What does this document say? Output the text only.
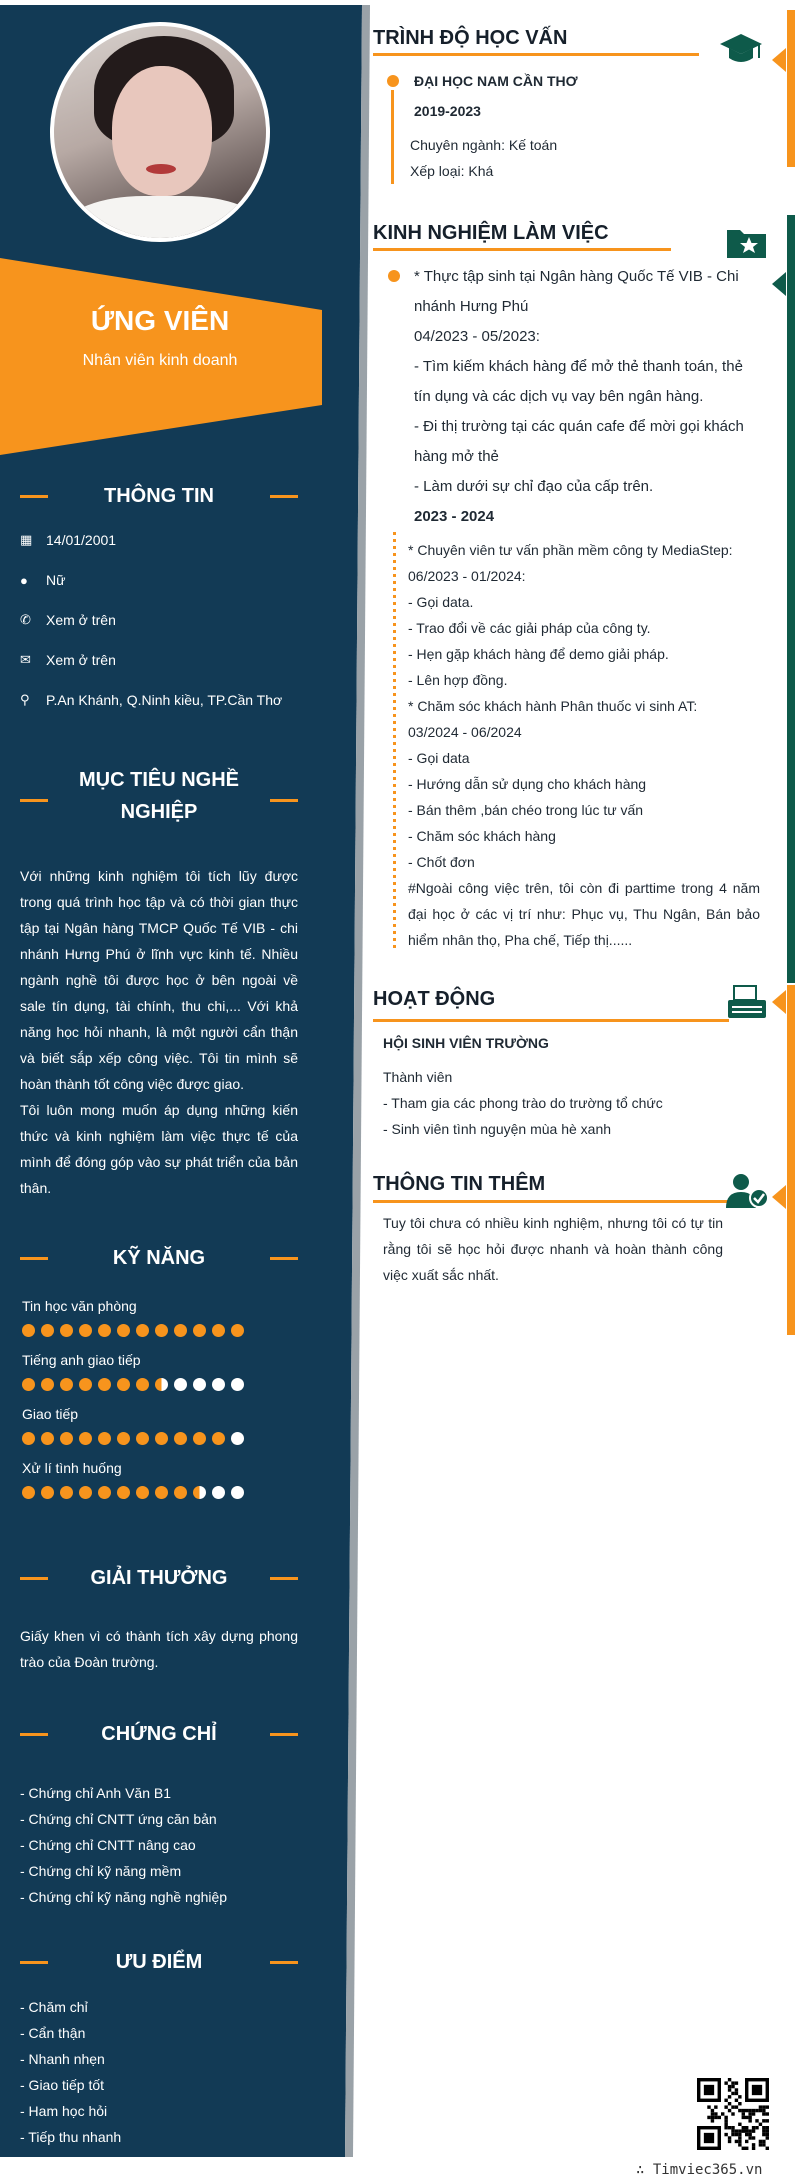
ỨNG VIÊN
Nhân viên kinh doanh
THÔNG TIN
▦ 14/01/2001
●	Nữ
✆	Xem ở trên
✉	Xem ở trên
⚲	P.An Khánh, Q.Ninh kiều, TP.Cần Thơ
MỤC TIÊU NGHỀ
NGHIỆP
Với những kinh nghiệm tôi tích lũy được trong quá trình học tập và có thời gian thực tập tại Ngân hàng TMCP Quốc Tế VIB - chi nhánh Hưng Phú ở lĩnh vực kinh tế. Nhiều ngành nghề tôi được học ở bên ngoài về sale tín dụng, tài chính, thu chi,... Với khả năng học hỏi nhanh, là một người cẩn thận và biết sắp xếp công việc. Tôi tin mình sẽ hoàn thành tốt công việc được giao.
Tôi luôn mong muốn áp dụng những kiến thức và kinh nghiệm làm việc thực tế của mình để đóng góp vào sự phát triển của bản thân.
KỸ NĂNG
Tin học văn phòng
Tiếng anh giao tiếp
Giao tiếp
Xử lí tình huống
GIẢI THƯỞNG
Giấy khen vì có thành tích xây dựng phong trào của Đoàn trường.
CHỨNG CHỈ
- Chứng chỉ Anh Văn B1
- Chứng chỉ CNTT ứng căn bản
- Chứng chỉ CNTT nâng cao
- Chứng chỉ kỹ năng mềm
- Chứng chỉ kỹ năng nghề nghiệp
ƯU ĐIỂM
- Chăm chỉ
- Cẩn thận
- Nhanh nhẹn
- Giao tiếp tốt
- Ham học hỏi
- Tiếp thu nhanh
TRÌNH ĐỘ HỌC VẤN
ĐẠI HỌC NAM CẦN THƠ
2019-2023
Chuyên ngành: Kế toán
Xếp loại: Khá
KINH NGHIỆM LÀM VIỆC
* Thực tập sinh tại Ngân hàng Quốc Tế VIB - Chi nhánh Hưng Phú
04/2023 - 05/2023:
- Tìm kiếm khách hàng để mở thẻ thanh toán, thẻ tín dụng và các dịch vụ vay bên ngân hàng.
- Đi thị trường tại các quán cafe để mời gọi khách hàng mở thẻ
- Làm dưới sự chỉ đạo của cấp trên.
2023 - 2024
* Chuyên viên tư vấn phần mềm công ty MediaStep:
06/2023 - 01/2024:
- Gọi data.
- Trao đổi về các giải pháp của công ty.
- Hẹn gặp khách hàng để demo giải pháp.
- Lên hợp đồng.
* Chăm sóc khách hành Phân thuốc vi sinh AT:
03/2024 - 06/2024
- Gọi data
- Hướng dẫn sử dụng cho khách hàng
- Bán thêm ,bán chéo trong lúc tư vấn
- Chăm sóc khách hàng
- Chốt đơn
#Ngoài công việc trên, tôi còn đi parttime trong 4 năm đại học ở các vị trí như: Phục vụ, Thu Ngân, Bán bảo hiểm nhân thọ, Pha chế, Tiếp thị......
HOẠT ĐỘNG
HỘI SINH VIÊN TRƯỜNG
Thành viên
- Tham gia các phong trào do trường tổ chức
- Sinh viên tình nguyện mùa hè xanh
THÔNG TIN THÊM
Tuy tôi chưa có nhiều kinh nghiệm, nhưng tôi có tự tin rằng tôi sẽ học hỏi được nhanh và hoàn thành công việc xuất sắc nhất.
∴ Timviec365.vn
